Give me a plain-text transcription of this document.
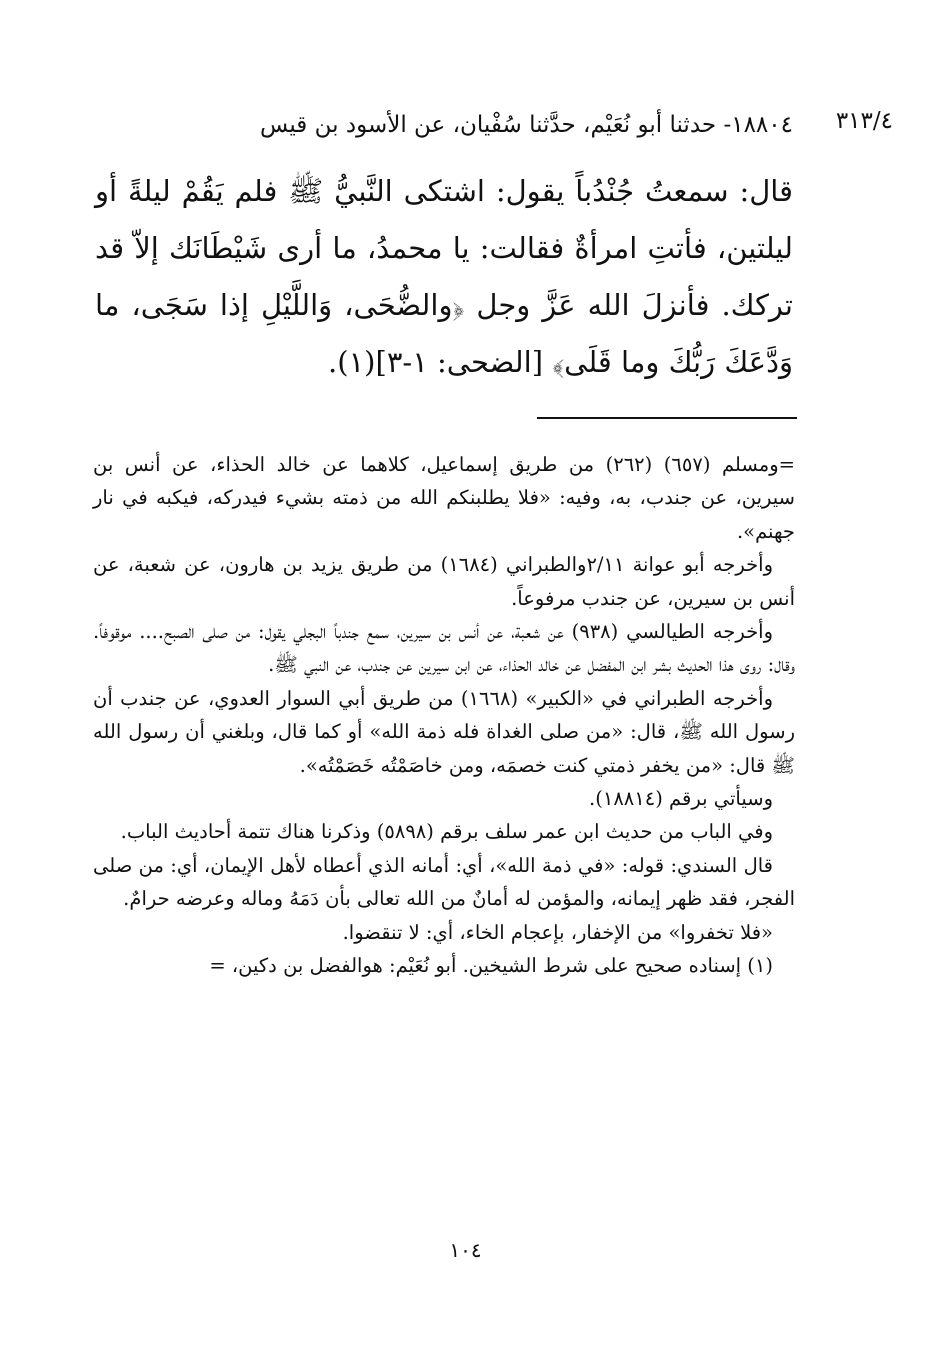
٣١٣/٤

١٨٨٠٤- حدثنا أبو نُعَيْم، حدَّثنا سُفْيان، عن الأسود بن قيس

قال: سمعتُ جُنْدُباً يقول: اشتكى النَّبيُّ ﷺ فلم يَقُمْ ليلةً أو ليلتين، فأتتِ امرأةٌ فقالت: يا محمدُ، ما أرى شَيْطَانَك إلاّ قد تركك. فأنزلَ الله عَزَّ وجل ﴿والضُّحَى، وَاللَّيْلِ إذا سَجَى، ما وَدَّعَكَ رَبُّكَ وما قَلَى﴾ [الضحى: ١-٣](١).

=ومسلم (٦٥٧) (٢٦٢) من طريق إسماعيل، كلاهما عن خالد الحذاء، عن أنس بن سيرين، عن جندب، به، وفيه: «فلا يطلبنكم الله من ذمته بشيء فيدركه، فيكبه في نار جهنم».

وأخرجه أبو عوانة ٢/١١والطبراني (١٦٨٤) من طريق يزيد بن هارون، عن شعبة، عن أنس بن سيرين، عن جندب مرفوعاً.

وأخرجه الطيالسي (٩٣٨) عن شعبة، عن أنس بن سيرين، سمع جندباً البجلي يقول: من صلى الصبح.... موقوفاً. وقال: روى هذا الحديث بشر ابن المفضل عن خالد الحذاء، عن ابن سيرين عن جندب، عن النبي ﷺ.

وأخرجه الطبراني في «الكبير» (١٦٦٨) من طريق أبي السوار العدوي، عن جندب أن رسول الله ﷺ، قال: «من صلى الغداة فله ذمة الله» أو كما قال، وبلغني أن رسول الله ﷺ قال: «من يخفر ذمتي كنت خصمَه، ومن خاصَمْتُه خَصَمْتُه».

وسيأتي برقم (١٨٨١٤).

وفي الباب من حديث ابن عمر سلف برقم (٥٨٩٨) وذكرنا هناك تتمة أحاديث الباب.

قال السندي: قوله: «في ذمة الله»، أي: أمانه الذي أعطاه لأهل الإيمان، أي: من صلى الفجر، فقد ظهر إيمانه، والمؤمن له أمانٌ من الله تعالى بأن دَمَهُ وماله وعرضه حرامٌ.

«فلا تخفروا» من الإخفار، بإعجام الخاء، أي: لا تنقضوا.

(١) إسناده صحيح على شرط الشيخين. أبو نُعَيْم: هوالفضل بن دكين، =

١٠٤
